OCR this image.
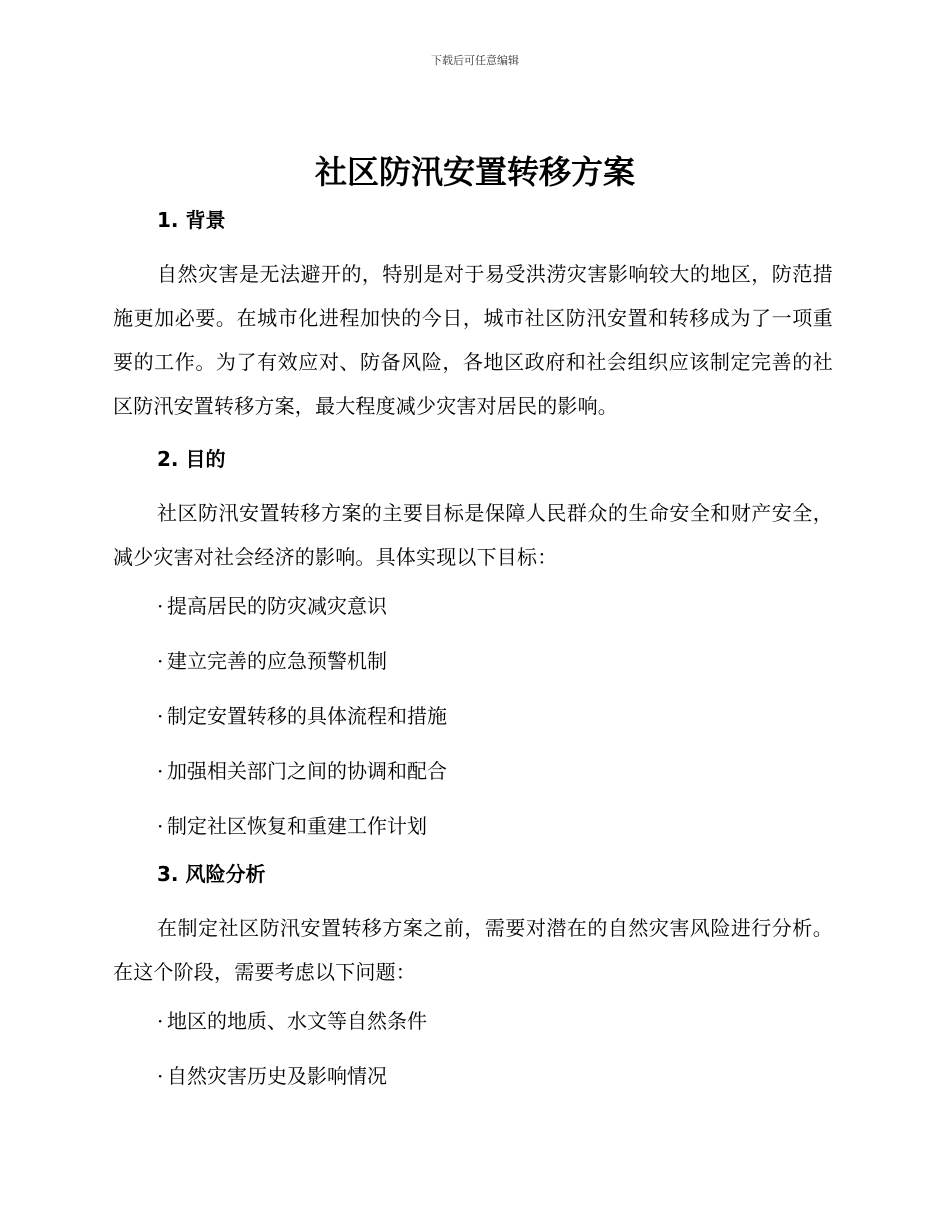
下载后可任意编辑
社区防汛安置转移方案
1. 背景

自然灾害是无法避开的，特别是对于易受洪涝灾害影响较大的地区，防范措施更加必要。在城市化进程加快的今日，城市社区防汛安置和转移成为了一项重要的工作。为了有效应对、防备风险，各地区政府和社会组织应该制定完善的社区防汛安置转移方案，最大程度减少灾害对居民的影响。

2. 目的

社区防汛安置转移方案的主要目标是保障人民群众的生命安全和财产安全，减少灾害对社会经济的影响。具体实现以下目标：

· 提高居民的防灾减灾意识
· 建立完善的应急预警机制
· 制定安置转移的具体流程和措施
· 加强相关部门之间的协调和配合
· 制定社区恢复和重建工作计划
3. 风险分析

在制定社区防汛安置转移方案之前，需要对潜在的自然灾害风险进行分析。在这个阶段，需要考虑以下问题：

· 地区的地质、水文等自然条件
· 自然灾害历史及影响情况
